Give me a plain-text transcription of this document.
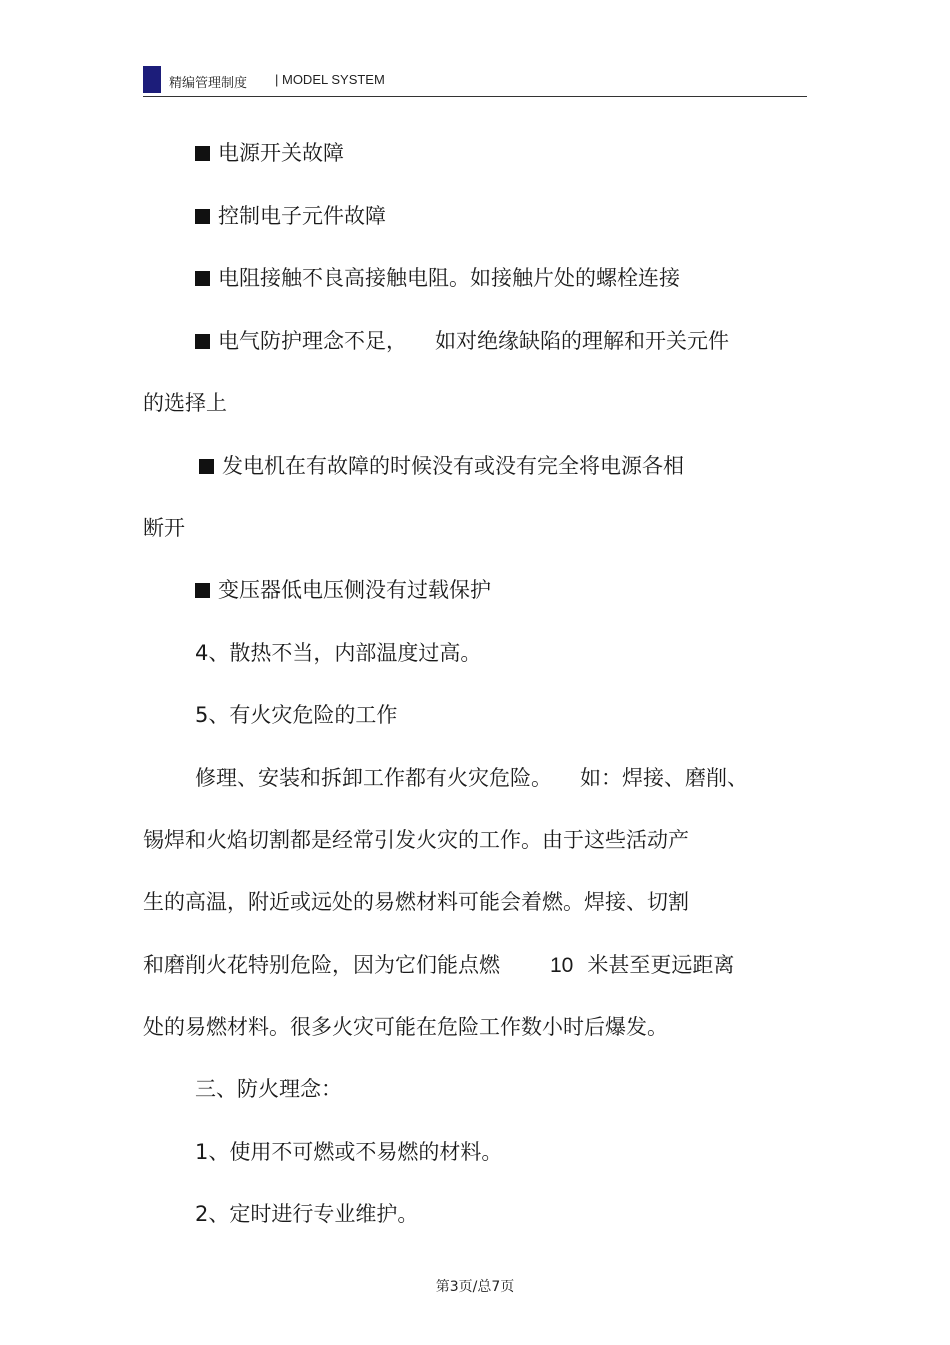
精编管理制度 | MODEL SYSTEM
电源开关故障
控制电子元件故障
电阻接触不良高接触电阻。如接触片处的螺栓连接
电气防护理念不足， 如对绝缘缺陷的理解和开关元件
的选择上
发电机在有故障的时候没有或没有完全将电源各相
断开
变压器低电压侧没有过载保护
4、散热不当，内部温度过高。
5、有火灾危险的工作
修理、安装和拆卸工作都有火灾危险。 如：焊接、磨削、
锡焊和火焰切割都是经常引发火灾的工作。由于这些活动产
生的高温，附近或远处的易燃材料可能会着燃。焊接、切割
和磨削火花特别危险，因为它们能点燃 10 米甚至更远距离
处的易燃材料。很多火灾可能在危险工作数小时后爆发。
三、防火理念：
1、使用不可燃或不易燃的材料。
2、定时进行专业维护。
第3页/总7页
